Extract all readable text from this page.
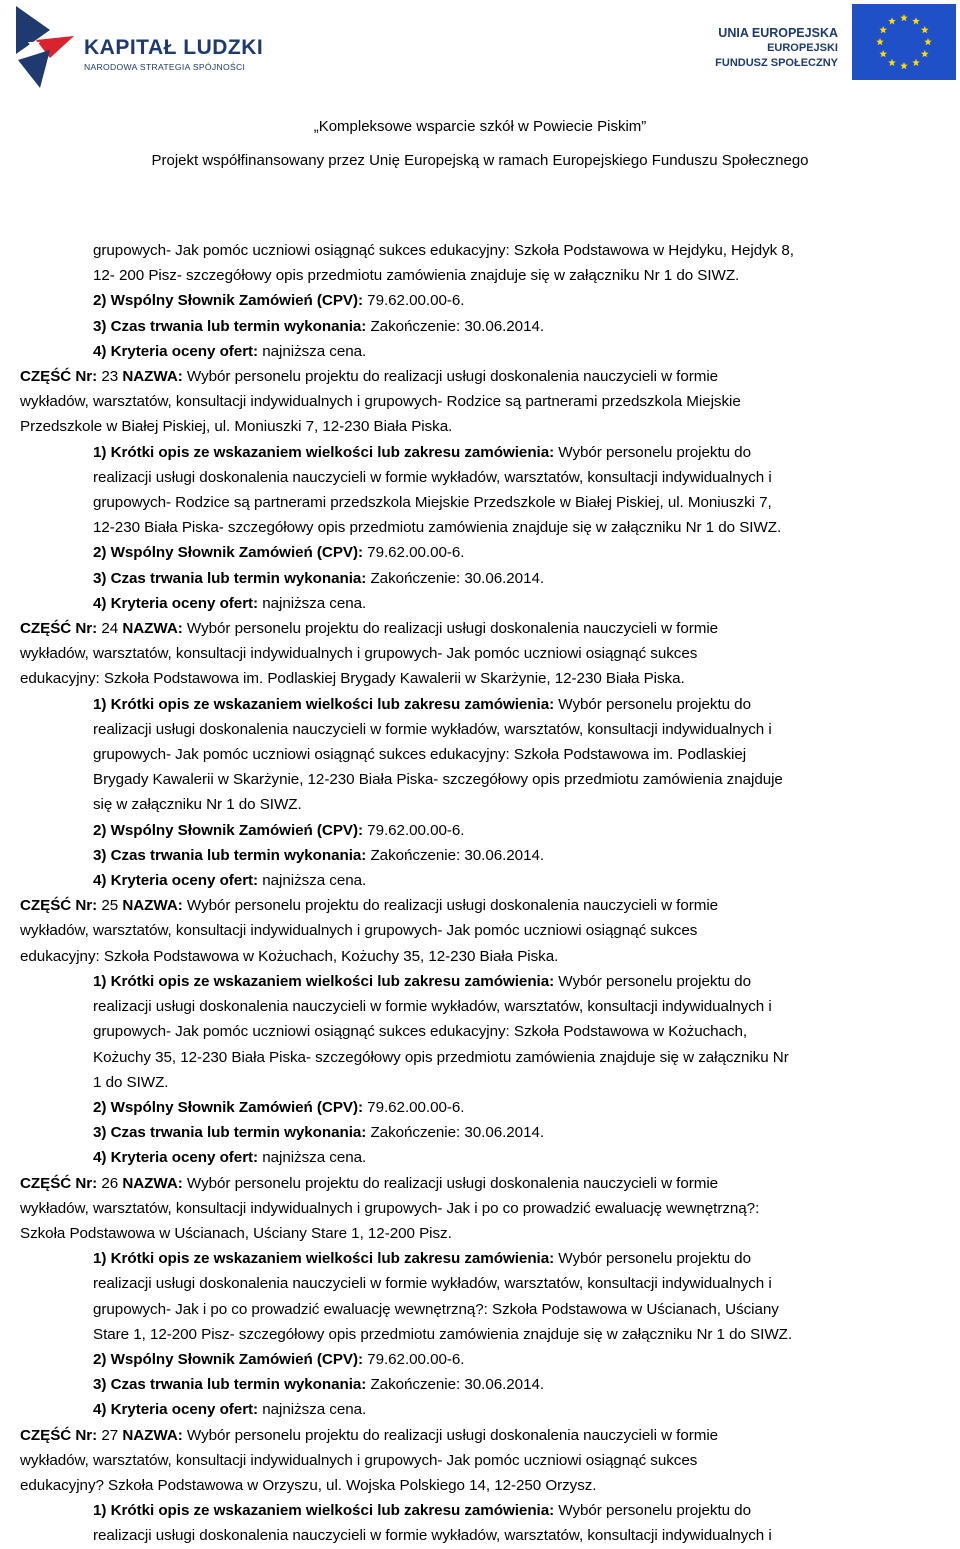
KAPITAŁ LUDZKI
NARODOWA STRATEGIA SPÓJNOŚCI
UNIA EUROPEJSKA
EUROPEJSKI
FUNDUSZ SPOŁECZNY
„Kompleksowe wsparcie szkół w Powiecie Piskim”
Projekt współfinansowany przez Unię Europejską w ramach Europejskiego Funduszu Społecznego
grupowych- Jak pomóc uczniowi osiągnąć sukces edukacyjny: Szkoła Podstawowa w Hejdyku, Hejdyk 8,
12- 200 Pisz- szczegółowy opis przedmiotu zamówienia znajduje się w załączniku Nr 1 do SIWZ.
2) Wspólny Słownik Zamówień (CPV): 79.62.00.00-6.
3) Czas trwania lub termin wykonania: Zakończenie: 30.06.2014.
4) Kryteria oceny ofert: najniższa cena.
CZĘŚĆ Nr: 23 NAZWA: Wybór personelu projektu do realizacji usługi doskonalenia nauczycieli w formie
wykładów, warsztatów, konsultacji indywidualnych i grupowych- Rodzice są partnerami przedszkola Miejskie
Przedszkole w Białej Piskiej, ul. Moniuszki 7, 12-230 Biała Piska.
1) Krótki opis ze wskazaniem wielkości lub zakresu zamówienia: Wybór personelu projektu do
realizacji usługi doskonalenia nauczycieli w formie wykładów, warsztatów, konsultacji indywidualnych i
grupowych- Rodzice są partnerami przedszkola Miejskie Przedszkole w Białej Piskiej, ul. Moniuszki 7,
12-230 Biała Piska- szczegółowy opis przedmiotu zamówienia znajduje się w załączniku Nr 1 do SIWZ.
2) Wspólny Słownik Zamówień (CPV): 79.62.00.00-6.
3) Czas trwania lub termin wykonania: Zakończenie: 30.06.2014.
4) Kryteria oceny ofert: najniższa cena.
CZĘŚĆ Nr: 24 NAZWA: Wybór personelu projektu do realizacji usługi doskonalenia nauczycieli w formie
wykładów, warsztatów, konsultacji indywidualnych i grupowych- Jak pomóc uczniowi osiągnąć sukces
edukacyjny: Szkoła Podstawowa im. Podlaskiej Brygady Kawalerii w Skarżynie, 12-230 Biała Piska.
1) Krótki opis ze wskazaniem wielkości lub zakresu zamówienia: Wybór personelu projektu do
realizacji usługi doskonalenia nauczycieli w formie wykładów, warsztatów, konsultacji indywidualnych i
grupowych- Jak pomóc uczniowi osiągnąć sukces edukacyjny: Szkoła Podstawowa im. Podlaskiej
Brygady Kawalerii w Skarżynie, 12-230 Biała Piska- szczegółowy opis przedmiotu zamówienia znajduje
się w załączniku Nr 1 do SIWZ.
2) Wspólny Słownik Zamówień (CPV): 79.62.00.00-6.
3) Czas trwania lub termin wykonania: Zakończenie: 30.06.2014.
4) Kryteria oceny ofert: najniższa cena.
CZĘŚĆ Nr: 25 NAZWA: Wybór personelu projektu do realizacji usługi doskonalenia nauczycieli w formie
wykładów, warsztatów, konsultacji indywidualnych i grupowych- Jak pomóc uczniowi osiągnąć sukces
edukacyjny: Szkoła Podstawowa w Kożuchach, Kożuchy 35, 12-230 Biała Piska.
1) Krótki opis ze wskazaniem wielkości lub zakresu zamówienia: Wybór personelu projektu do
realizacji usługi doskonalenia nauczycieli w formie wykładów, warsztatów, konsultacji indywidualnych i
grupowych- Jak pomóc uczniowi osiągnąć sukces edukacyjny: Szkoła Podstawowa w Kożuchach,
Kożuchy 35, 12-230 Biała Piska- szczegółowy opis przedmiotu zamówienia znajduje się w załączniku Nr
1 do SIWZ.
2) Wspólny Słownik Zamówień (CPV): 79.62.00.00-6.
3) Czas trwania lub termin wykonania: Zakończenie: 30.06.2014.
4) Kryteria oceny ofert: najniższa cena.
CZĘŚĆ Nr: 26 NAZWA: Wybór personelu projektu do realizacji usługi doskonalenia nauczycieli w formie
wykładów, warsztatów, konsultacji indywidualnych i grupowych- Jak i po co prowadzić ewaluację wewnętrzną?:
Szkoła Podstawowa w Uścianach, Uściany Stare 1, 12-200 Pisz.
1) Krótki opis ze wskazaniem wielkości lub zakresu zamówienia: Wybór personelu projektu do
realizacji usługi doskonalenia nauczycieli w formie wykładów, warsztatów, konsultacji indywidualnych i
grupowych- Jak i po co prowadzić ewaluację wewnętrzną?: Szkoła Podstawowa w Uścianach, Uściany
Stare 1, 12-200 Pisz- szczegółowy opis przedmiotu zamówienia znajduje się w załączniku Nr 1 do SIWZ.
2) Wspólny Słownik Zamówień (CPV): 79.62.00.00-6.
3) Czas trwania lub termin wykonania: Zakończenie: 30.06.2014.
4) Kryteria oceny ofert: najniższa cena.
CZĘŚĆ Nr: 27 NAZWA: Wybór personelu projektu do realizacji usługi doskonalenia nauczycieli w formie
wykładów, warsztatów, konsultacji indywidualnych i grupowych- Jak pomóc uczniowi osiągnąć sukces
edukacyjny? Szkoła Podstawowa w Orzyszu, ul. Wojska Polskiego 14, 12-250 Orzysz.
1) Krótki opis ze wskazaniem wielkości lub zakresu zamówienia: Wybór personelu projektu do
realizacji usługi doskonalenia nauczycieli w formie wykładów, warsztatów, konsultacji indywidualnych i
